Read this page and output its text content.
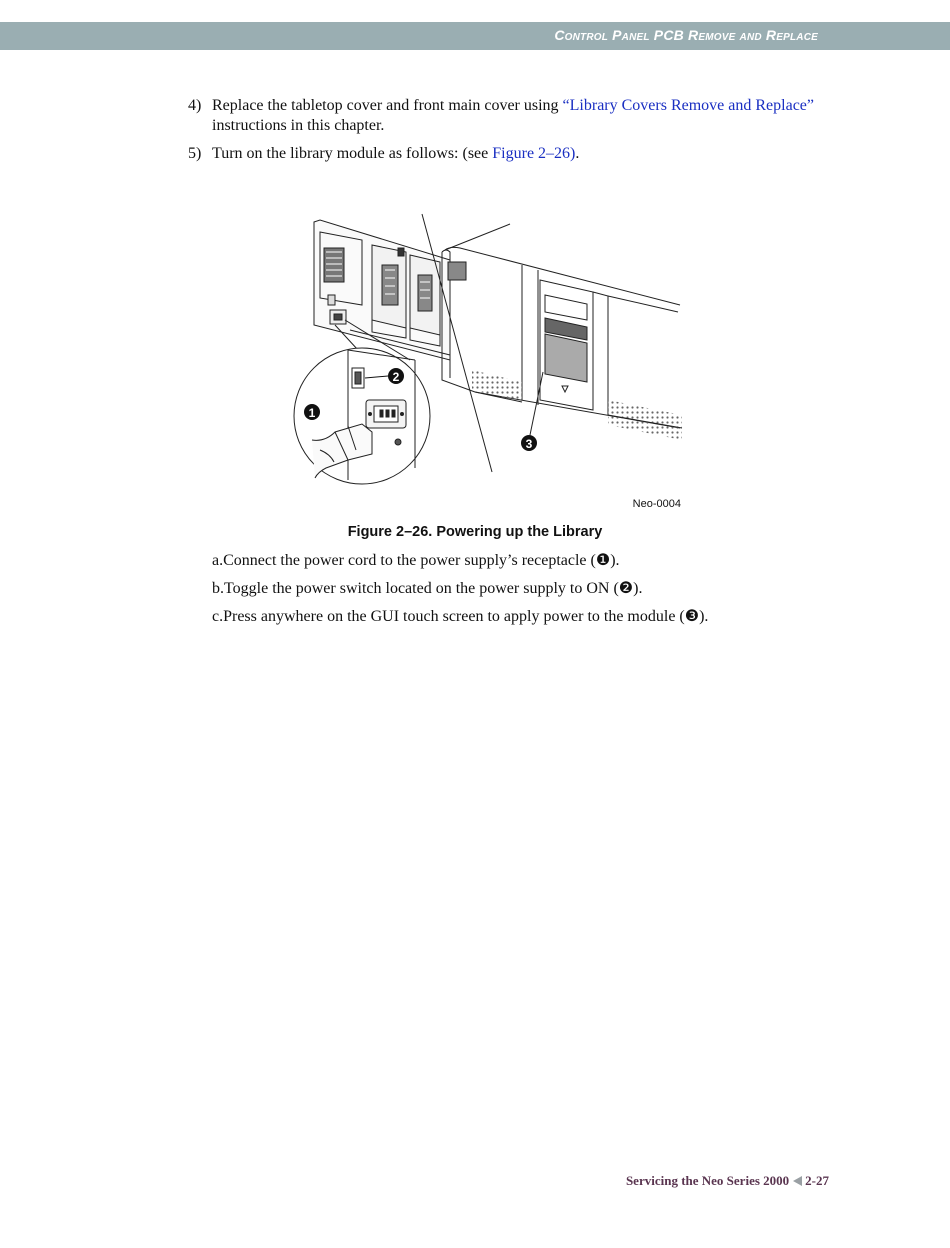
Control Panel PCB Remove and Replace
4) Replace the tabletop cover and front main cover using “Library Covers Remove and Replace” instructions in this chapter.
5) Turn on the library module as follows: (see Figure 2–26).
1
2
3
Neo-0004
Figure 2–26. Powering up the Library
a.Connect the power cord to the power supply’s receptacle (❶).
b.Toggle the power switch located on the power supply to ON (❷).
c.Press anywhere on the GUI touch screen to apply power to the module (❸).
Servicing the Neo Series 2000 2-27
